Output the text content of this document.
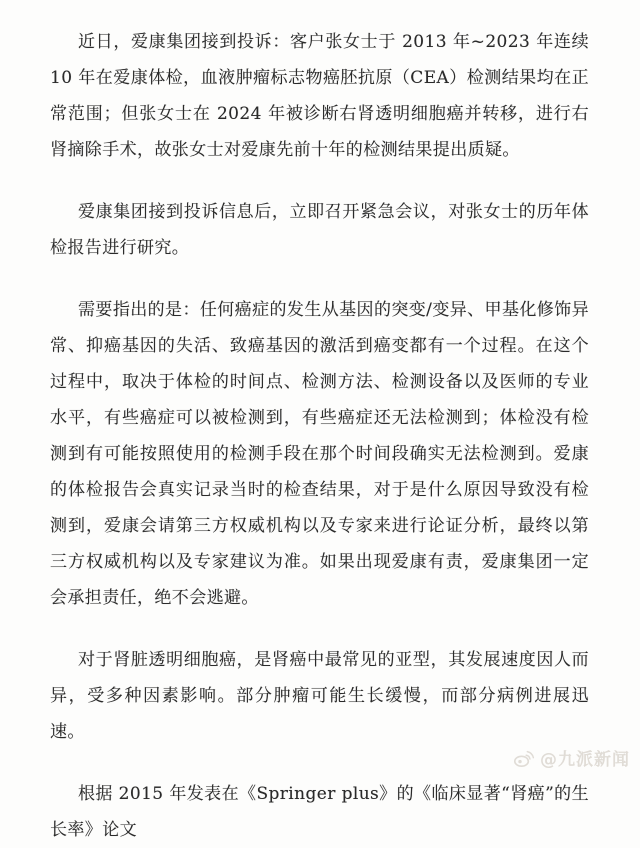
近日，爱康集团接到投诉：客户张女士于 2013 年~2023 年连续 10 年在爱康体检，血液肿瘤标志物癌胚抗原（CEA）检测结果均在正常范围；但张女士在 2024 年被诊断右肾透明细胞癌并转移，进行右肾摘除手术，故张女士对爱康先前十年的检测结果提出质疑。

爱康集团接到投诉信息后，立即召开紧急会议，对张女士的历年体检报告进行研究。

需要指出的是：任何癌症的发生从基因的突变/变异、甲基化修饰异常、抑癌基因的失活、致癌基因的激活到癌变都有一个过程。在这个过程中，取决于体检的时间点、检测方法、检测设备以及医师的专业水平，有些癌症可以被检测到，有些癌症还无法检测到；体检没有检测到有可能按照使用的检测手段在那个时间段确实无法检测到。爱康的体检报告会真实记录当时的检查结果，对于是什么原因导致没有检测到，爱康会请第三方权威机构以及专家来进行论证分析，最终以第三方权威机构以及专家建议为准。如果出现爱康有责，爱康集团一定会承担责任，绝不会逃避。

对于肾脏透明细胞癌，是肾癌中最常见的亚型，其发展速度因人而异，受多种因素影响。部分肿瘤可能生长缓慢，而部分病例进展迅速。

根据 2015 年发表在《Springer plus》的《临床显著“肾癌”的生长率》论文

@九派新闻
